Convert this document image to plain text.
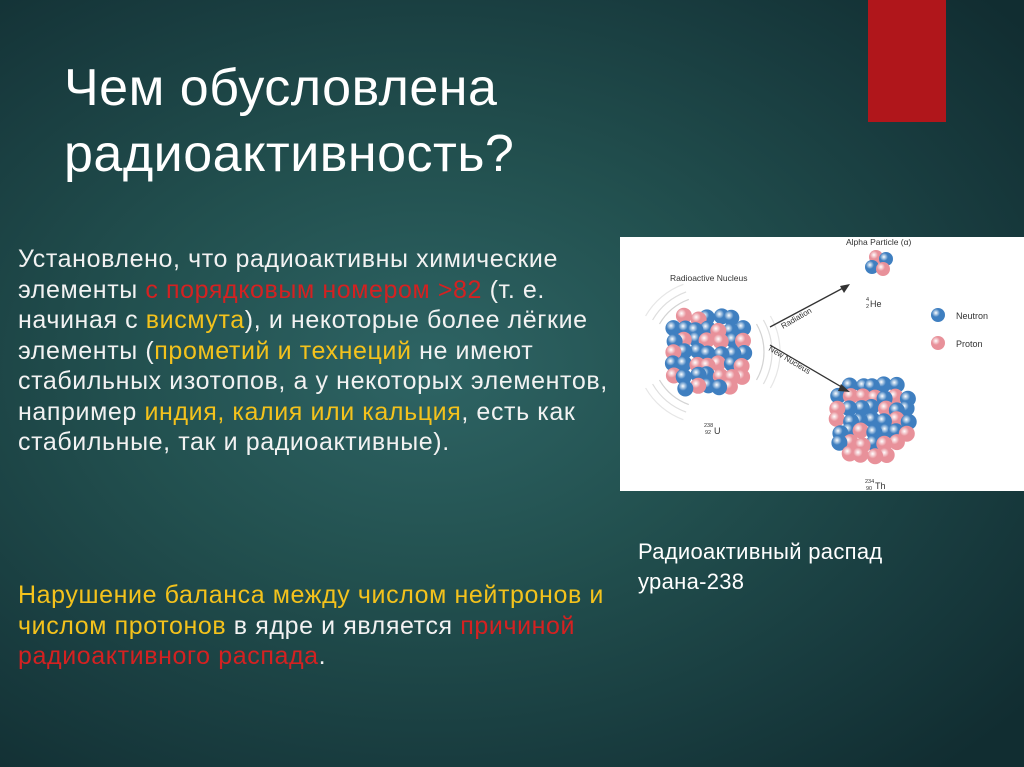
Чем обусловлена
радиоактивность?

Установлено, что радиоактивны химические элементы с порядковым номером >82 (т. е. начиная с висмута), и некоторые более лёгкие элементы (прометий и технеций не имеют стабильных изотопов, а у некоторых элементов, например индия, калия или кальция, есть как стабильные, так и радиоактивные).

Нарушение баланса между числом нейтронов и числом протонов в ядре и является причиной радиоактивного распада.

Radioactive Nucleus
Alpha Particle (α)
Radiation
New Nucleus
4
2 He
238
92 U
234
90 Th
Neutron
Proton

Радиоактивный распад
урана-238
